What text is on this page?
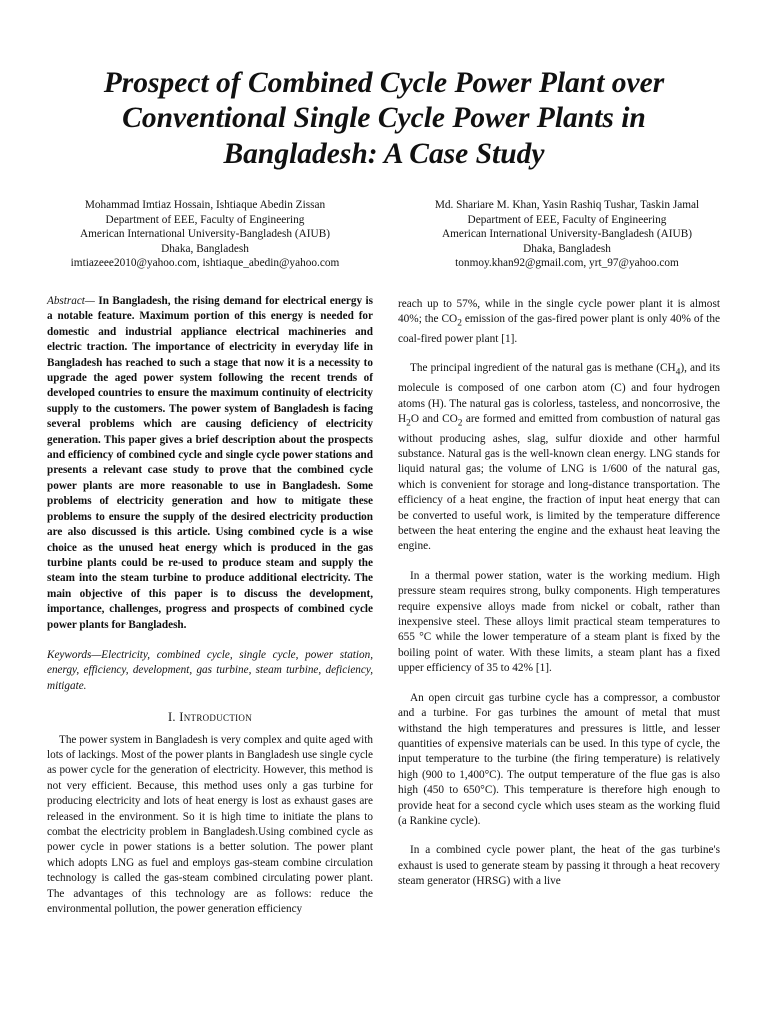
Prospect of Combined Cycle Power Plant over
Conventional Single Cycle Power Plants in
Bangladesh: A Case Study
Mohammad Imtiaz Hossain, Ishtiaque Abedin Zissan
Department of EEE, Faculty of Engineering
American International University-Bangladesh (AIUB)
Dhaka, Bangladesh
imtiazeee2010@yahoo.com, ishtiaque_abedin@yahoo.com
Md. Shariare M. Khan, Yasin Rashiq Tushar, Taskin Jamal
Department of EEE, Faculty of Engineering
American International University-Bangladesh (AIUB)
Dhaka, Bangladesh
tonmoy.khan92@gmail.com, yrt_97@yahoo.com

Abstract— In Bangladesh, the rising demand for electrical energy is a notable feature. Maximum portion of this energy is needed for domestic and industrial appliance electrical machineries and electric traction. The importance of electricity in everyday life in Bangladesh has reached to such a stage that now it is a necessity to upgrade the aged power system following the recent trends of developed countries to ensure the maximum continuity of electricity supply to the customers. The power system of Bangladesh is facing several problems which are causing deficiency of electricity generation. This paper gives a brief description about the prospects and efficiency of combined cycle and single cycle power stations and presents a relevant case study to prove that the combined cycle power plants are more reasonable to use in Bangladesh. Some problems of electricity generation and how to mitigate these problems to ensure the supply of the desired electricity production are also discussed is this article. Using combined cycle is a wise choice as the unused heat energy which is produced in the gas turbine plants could be re-used to produce steam and supply the steam into the steam turbine to produce additional electricity. The main objective of this paper is to discuss the development, importance, challenges, progress and prospects of combined cycle power plants for Bangladesh.

Keywords—Electricity, combined cycle, single cycle, power station, energy, efficiency, development, gas turbine, steam turbine, deficiency, mitigate.

I. Introduction

The power system in Bangladesh is very complex and quite aged with lots of lackings. Most of the power plants in Bangladesh use single cycle as power cycle for the generation of electricity. However, this method is not very efficient. Because, this method uses only a gas turbine for producing electricity and lots of heat energy is lost as exhaust gases are released in the environment. So it is high time to initiate the plans to combat the electricity problem in Bangladesh.Using combined cycle as power cycle in power stations is a better solution. The power plant which adopts LNG as fuel and employs gas-steam combine circulation technology is called the gas-steam combined circulating power plant. The advantages of this technology are as follows: reduce the environmental pollution, the power generation efficiency

reach up to 57%, while in the single cycle power plant it is almost 40%; the $CO_2$ emission of the gas-fired power plant is only 40% of the coal-fired power plant [1].

The principal ingredient of the natural gas is methane $(CH_4)$, and its molecule is composed of one carbon atom (C) and four hydrogen atoms (H). The natural gas is colorless, tasteless, and noncorrosive, the $H_2O$ and $CO_2$ are formed and emitted from combustion of natural gas without producing ashes, slag, sulfur dioxide and other harmful substance. Natural gas is the well-known clean energy. LNG stands for liquid natural gas; the volume of LNG is 1/600 of the natural gas, which is convenient for storage and long-distance transportation. The efficiency of a heat engine, the fraction of input heat energy that can be converted to useful work, is limited by the temperature difference between the heat entering the engine and the exhaust heat leaving the engine.

In a thermal power station, water is the working medium. High pressure steam requires strong, bulky components. High temperatures require expensive alloys made from nickel or cobalt, rather than inexpensive steel. These alloys limit practical steam temperatures to 655 °C while the lower temperature of a steam plant is fixed by the boiling point of water. With these limits, a steam plant has a fixed upper efficiency of 35 to 42% [1].

An open circuit gas turbine cycle has a compressor, a combustor and a turbine. For gas turbines the amount of metal that must withstand the high temperatures and pressures is little, and lesser quantities of expensive materials can be used. In this type of cycle, the input temperature to the turbine (the firing temperature) is relatively high (900 to 1,400°C). The output temperature of the flue gas is also high (450 to 650°C). This temperature is therefore high enough to provide heat for a second cycle which uses steam as the working fluid (a Rankine cycle).

In a combined cycle power plant, the heat of the gas turbine's exhaust is used to generate steam by passing it through a heat recovery steam generator (HRSG) with a live
